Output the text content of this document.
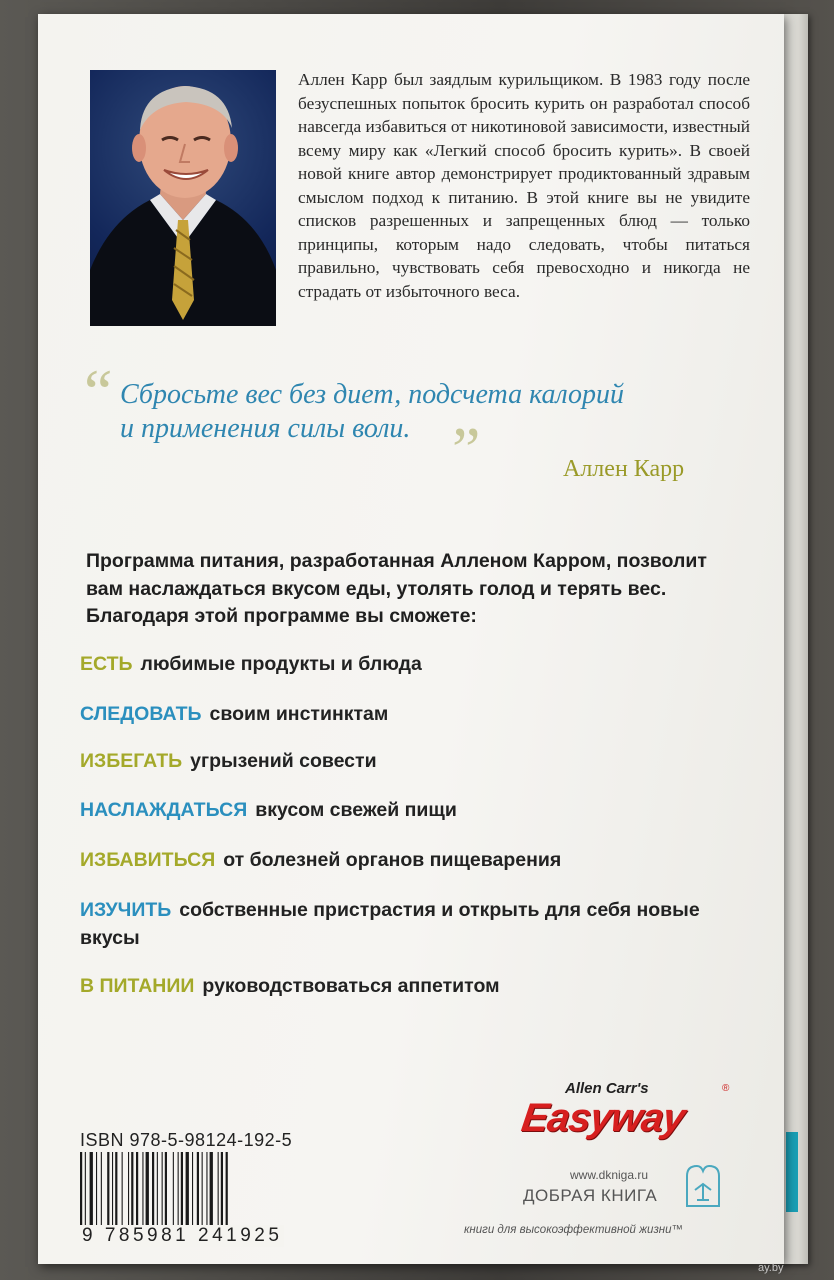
Аллен Карр был заядлым курильщиком. В 1983 году после безуспешных попыток бросить курить он разработал способ навсегда избавиться от никотиновой зависимости, известный всему миру как «Легкий способ бросить курить». В своей новой книге автор демонстрирует продиктованный здравым смыслом подход к питанию. В этой книге вы не увидите списков разрешенных и запрещенных блюд — только принципы, которым надо следовать, чтобы питаться правильно, чувствовать себя превосходно и никогда не страдать от избыточного веса.
“ Сбросьте вес без диет, подсчета калорий
и применения силы воли. ”	Аллен Карр
Программа питания, разработанная Алленом Карром, позволит вам наслаждаться вкусом еды, утолять голод и терять вес. Благодаря этой программе вы сможете:
ЕСТЬ любимые продукты и блюда
СЛЕДОВАТЬ своим инстинктам
ИЗБЕГАТЬ угрызений совести
НАСЛАЖДАТЬСЯ вкусом свежей пищи
ИЗБАВИТЬСЯ от болезней органов пищеварения
ИЗУЧИТЬ собственные пристрастия и открыть для себя новые вкусы
В ПИТАНИИ руководствоваться аппетитом
Allen Carr's	®
Easyway
ISBN 978-5-98124-192-5
9 785981 241925
www.dkniga.ru
ДОБРАЯ КНИГА
книги для высокоэффективной жизни™
ay.by
